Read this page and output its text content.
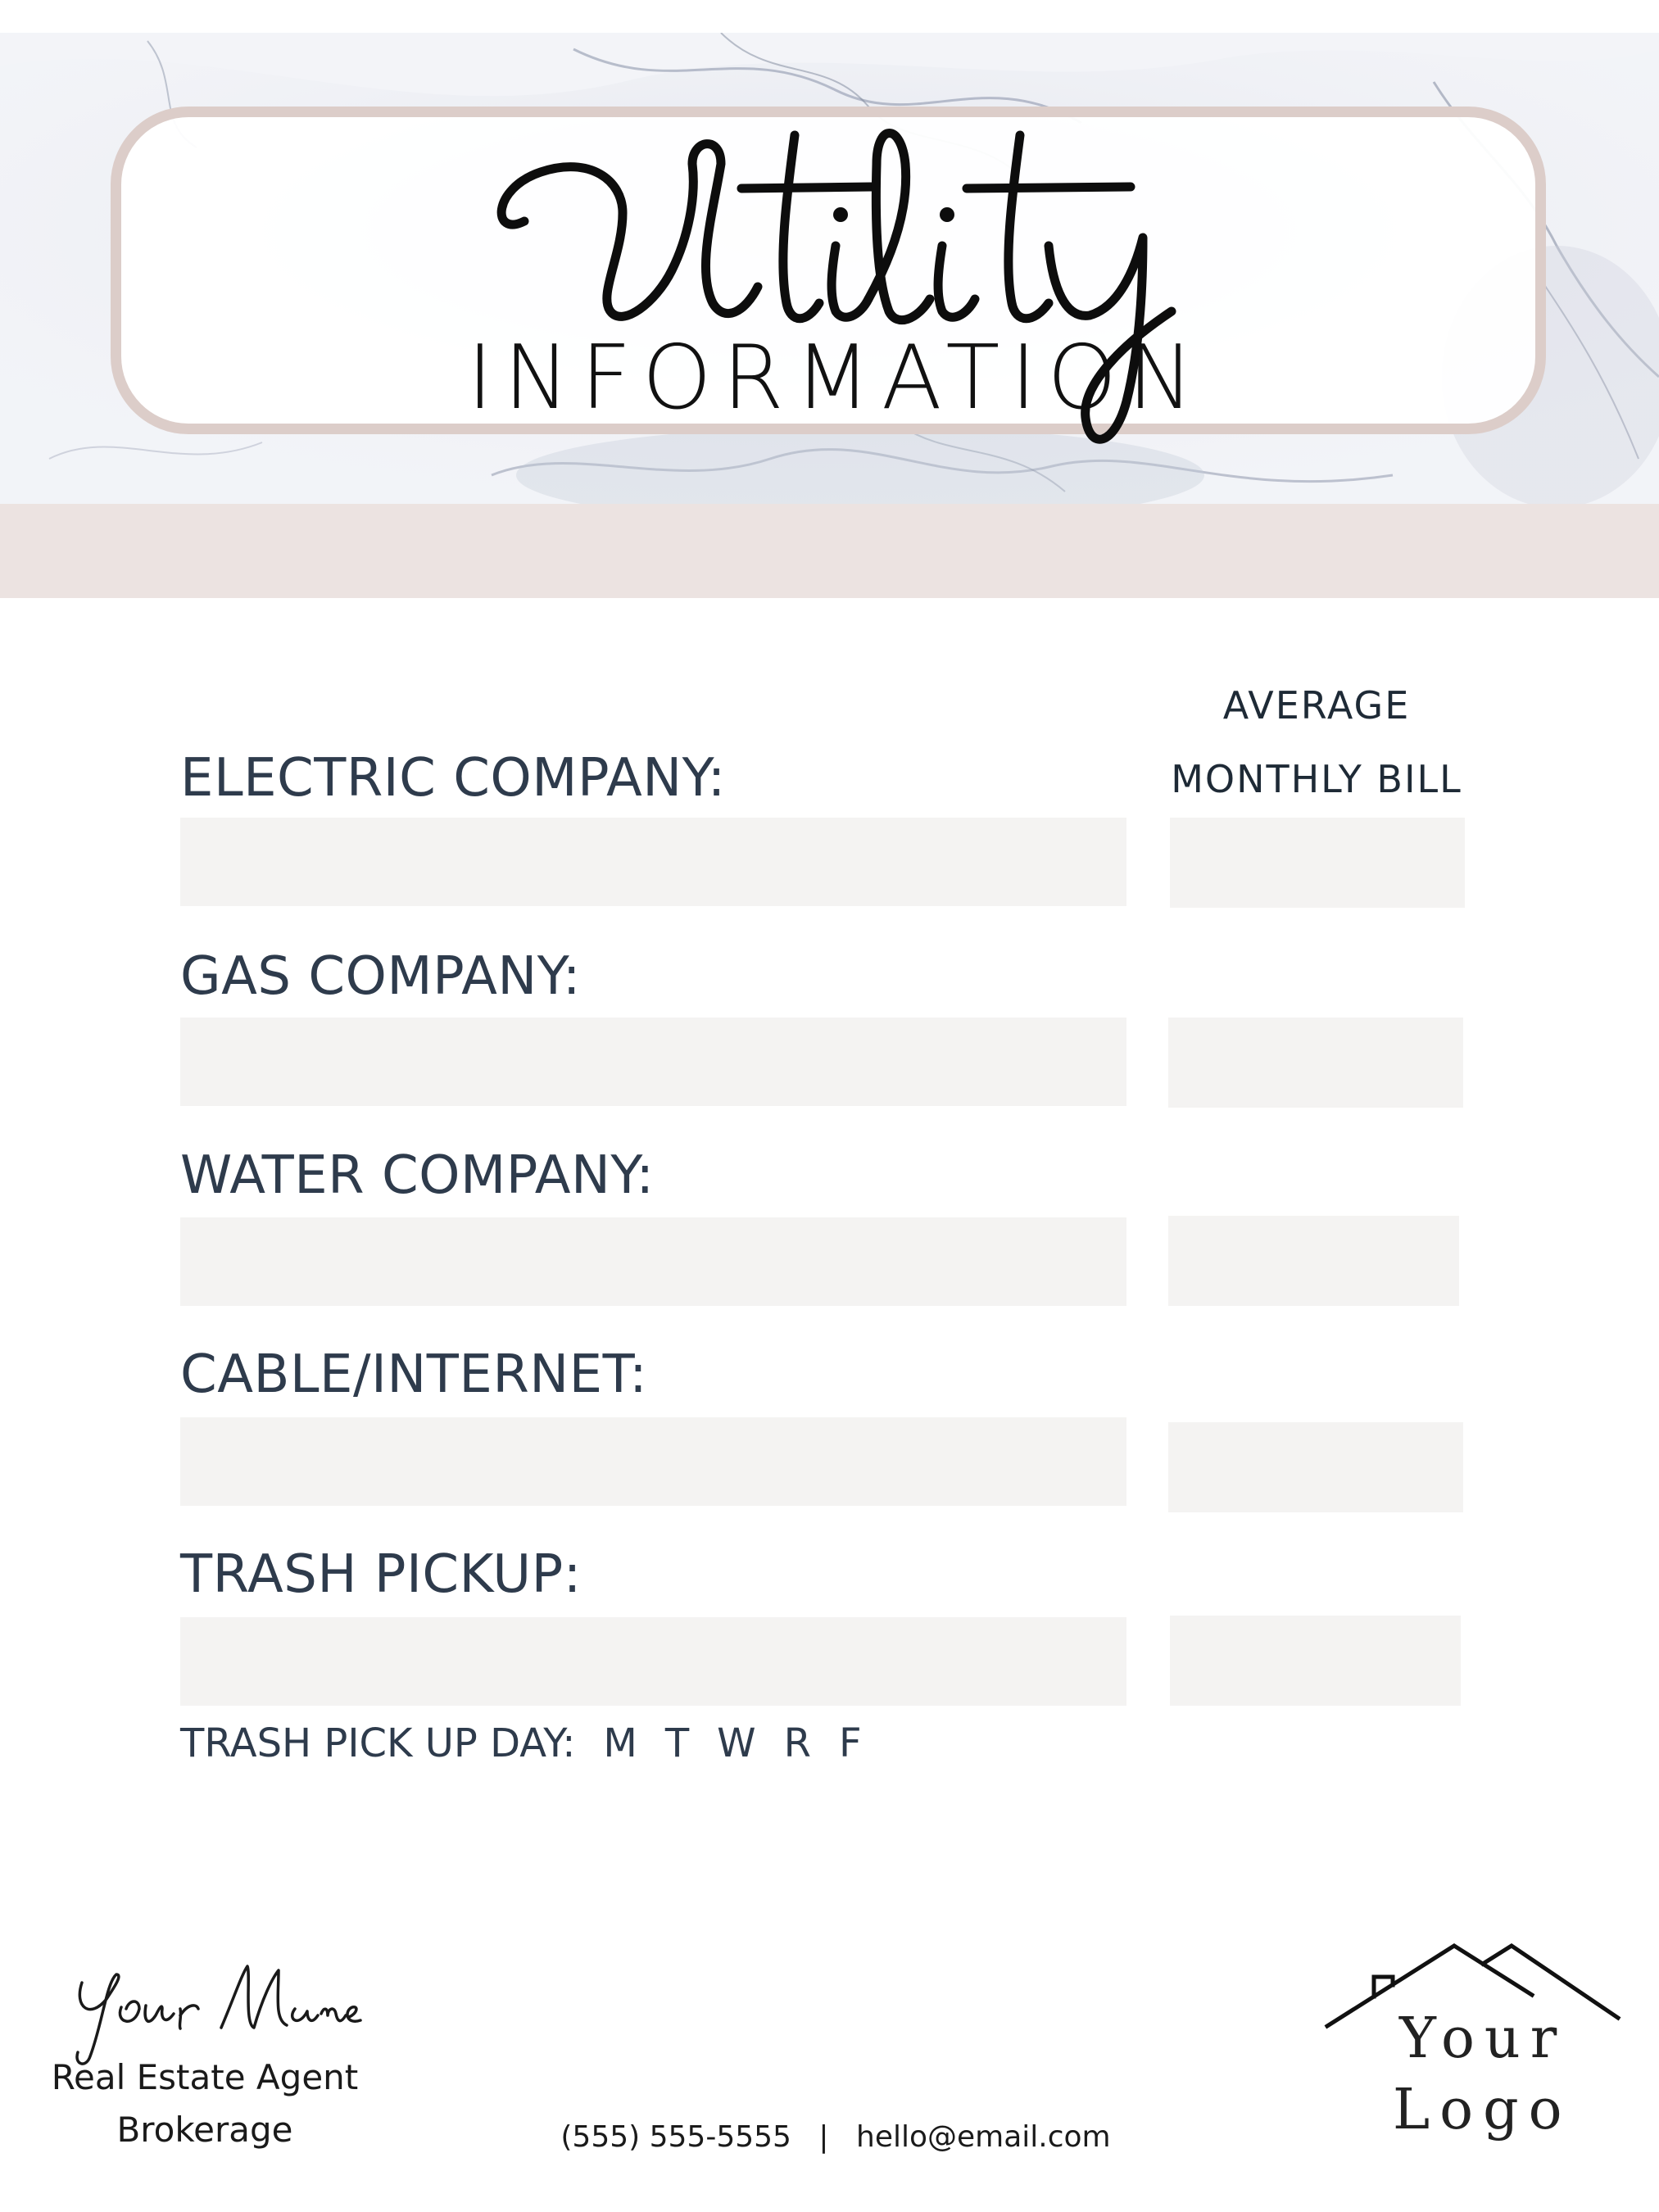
INFORMATION
AVERAGE
MONTHLY BILL
ELECTRIC COMPANY:
GAS COMPANY:
WATER COMPANY:
CABLE/INTERNET:
TRASH PICKUP:
TRASH PICK UP DAY: M T W R F
Real Estate Agent
Brokerage	(555) 555-5555 | hello@email.com
Your
Logo
